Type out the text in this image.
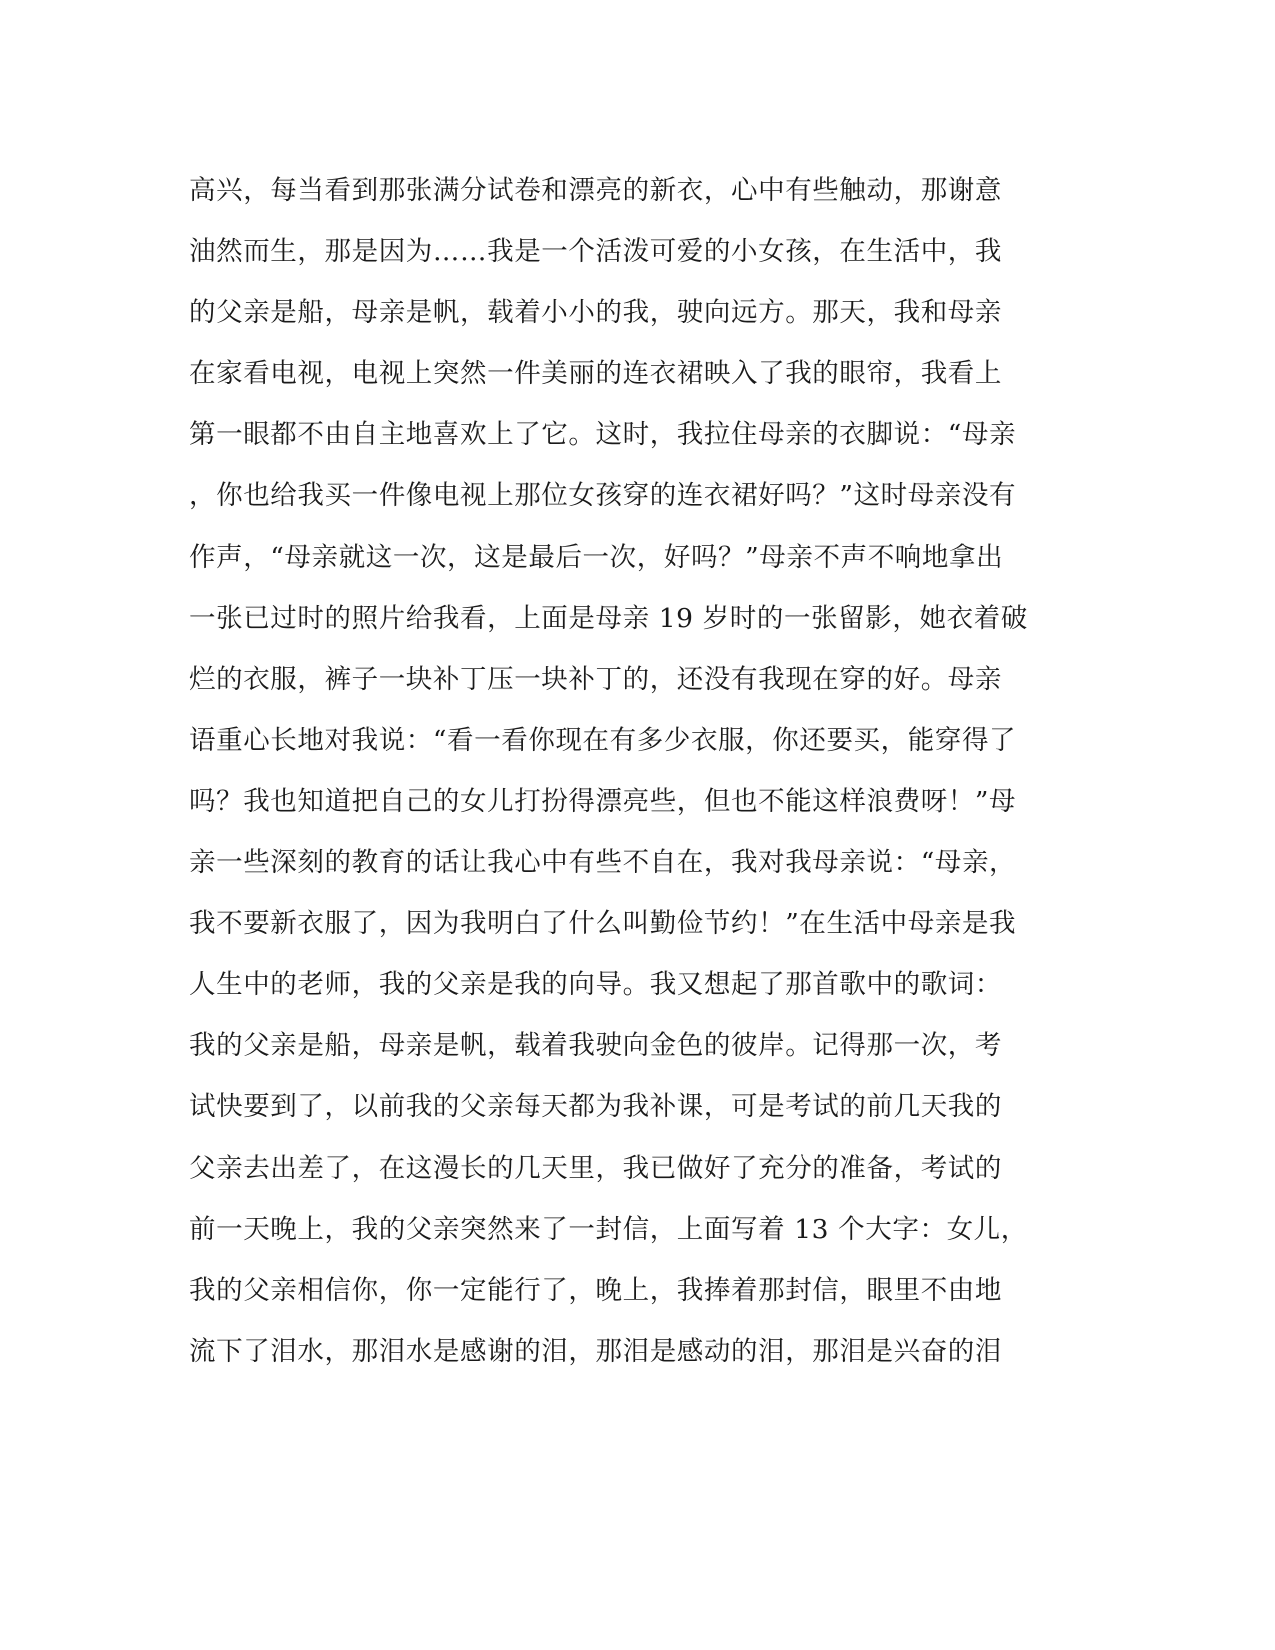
高兴，每当看到那张满分试卷和漂亮的新衣，心中有些触动，那谢意
油然而生，那是因为……我是一个活泼可爱的小女孩，在生活中，我
的父亲是船，母亲是帆，载着小小的我，驶向远方。那天，我和母亲
在家看电视，电视上突然一件美丽的连衣裙映入了我的眼帘，我看上
第一眼都不由自主地喜欢上了它。这时，我拉住母亲的衣脚说：“母亲
，你也给我买一件像电视上那位女孩穿的连衣裙好吗？”这时母亲没有
作声，“母亲就这一次，这是最后一次，好吗？”母亲不声不响地拿出
一张已过时的照片给我看，上面是母亲 19 岁时的一张留影，她衣着破
烂的衣服，裤子一块补丁压一块补丁的，还没有我现在穿的好。母亲
语重心长地对我说：“看一看你现在有多少衣服，你还要买，能穿得了
吗？我也知道把自己的女儿打扮得漂亮些，但也不能这样浪费呀！”母
亲一些深刻的教育的话让我心中有些不自在，我对我母亲说：“母亲，
我不要新衣服了，因为我明白了什么叫勤俭节约！”在生活中母亲是我
人生中的老师，我的父亲是我的向导。我又想起了那首歌中的歌词：
我的父亲是船，母亲是帆，载着我驶向金色的彼岸。记得那一次，考
试快要到了，以前我的父亲每天都为我补课，可是考试的前几天我的
父亲去出差了，在这漫长的几天里，我已做好了充分的准备，考试的
前一天晚上，我的父亲突然来了一封信，上面写着 13 个大字：女儿，
我的父亲相信你，你一定能行了，晚上，我捧着那封信，眼里不由地
流下了泪水，那泪水是感谢的泪，那泪是感动的泪，那泪是兴奋的泪
